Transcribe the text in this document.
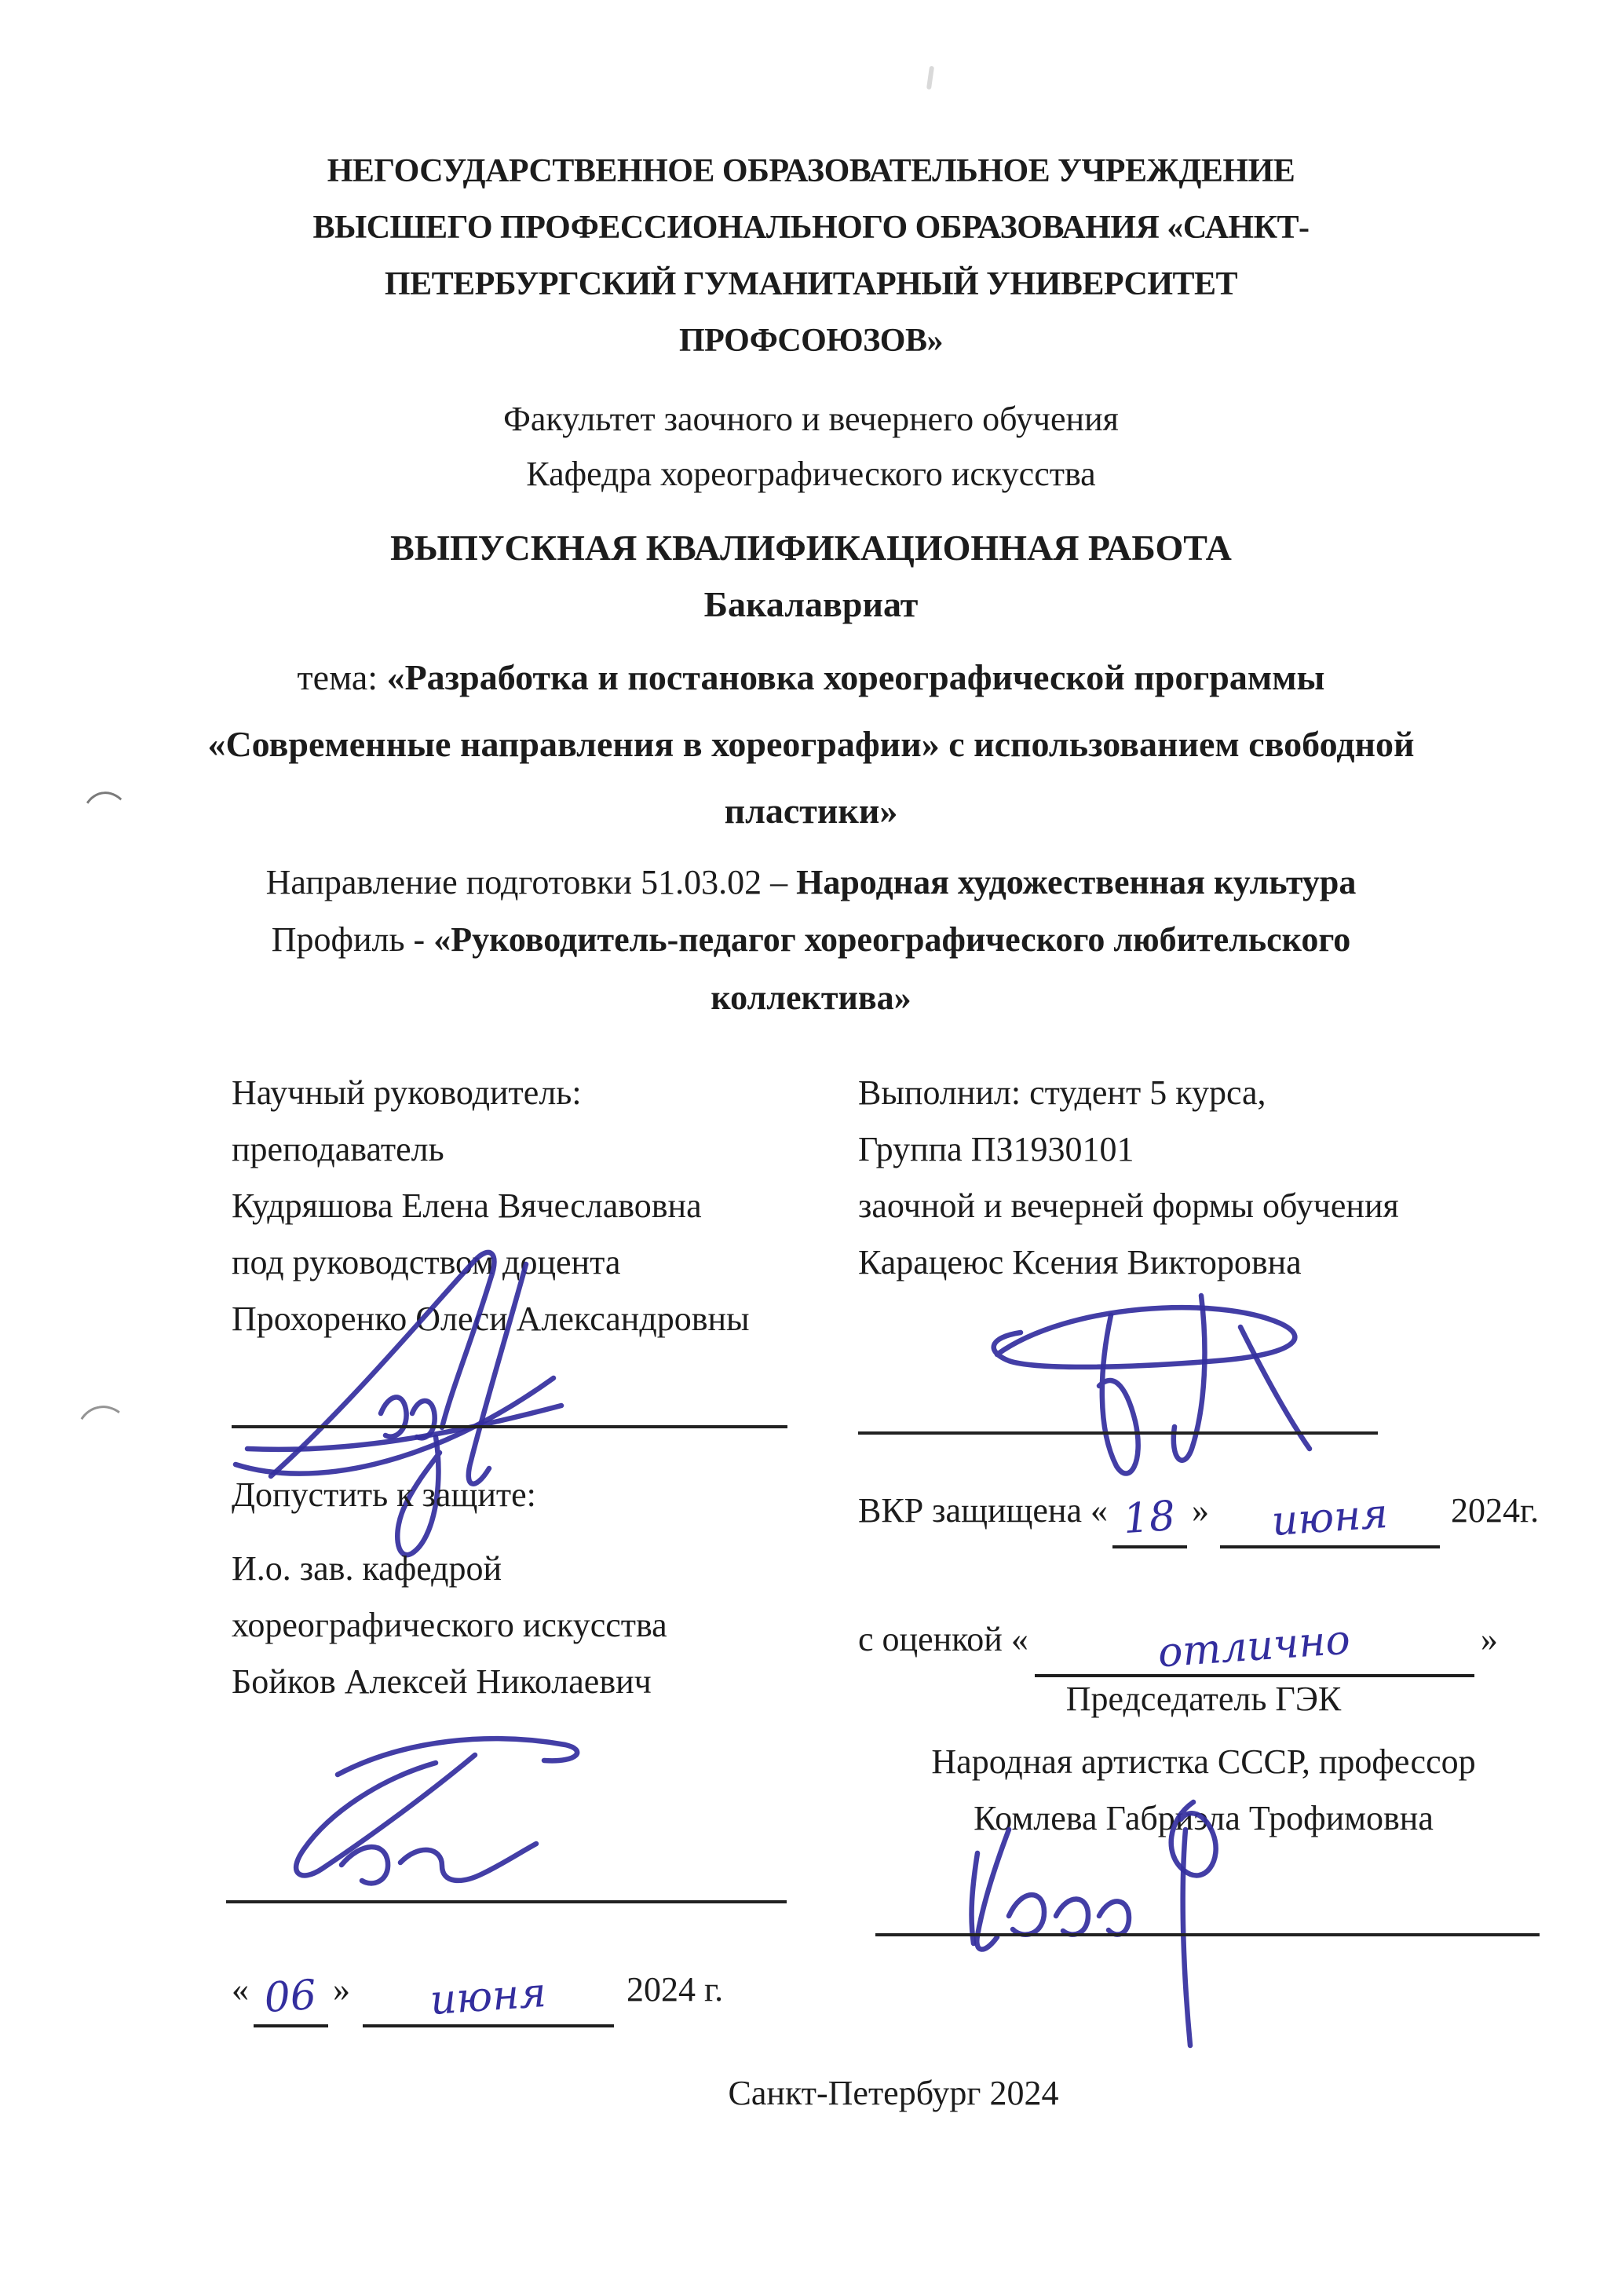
НЕГОСУДАРСТВЕННОЕ ОБРАЗОВАТЕЛЬНОЕ УЧРЕЖДЕНИЕ
ВЫСШЕГО ПРОФЕССИОНАЛЬНОГО ОБРАЗОВАНИЯ «САНКТ-
ПЕТЕРБУРГСКИЙ ГУМАНИТАРНЫЙ УНИВЕРСИТЕТ
ПРОФСОЮЗОВ»
Факультет заочного и вечернего обучения
Кафедра хореографического искусства
ВЫПУСКНАЯ КВАЛИФИКАЦИОННАЯ РАБОТА
Бакалавриат
тема: «Разработка и постановка хореографической программы
«Современные направления в хореографии» с использованием свободной
пластики»
Направление подготовки 51.03.02 – Народная художественная культура
Профиль - «Руководитель-педагог хореографического любительского
коллектива»
Научный руководитель:
преподаватель
Кудряшова Елена Вячеславовна
под руководством доцента
Прохоренко Олеси Александровны
Выполнил: студент 5 курса,
Группа ПЗ1930101
заочной и вечерней формы обучения
Карацеюс Ксения Викторовна
Допустить к защите:	ВКР защищена « 18 » июня 2024г.
И.о. зав. кафедрой
хореографического искусства
Бойков Алексей Николаевич
с оценкой «	отлично	»
Председатель ГЭК
Народная артистка СССР, профессор
Комлева Габриэла Трофимовна
« 06 » июня 2024 г.
Санкт-Петербург 2024
